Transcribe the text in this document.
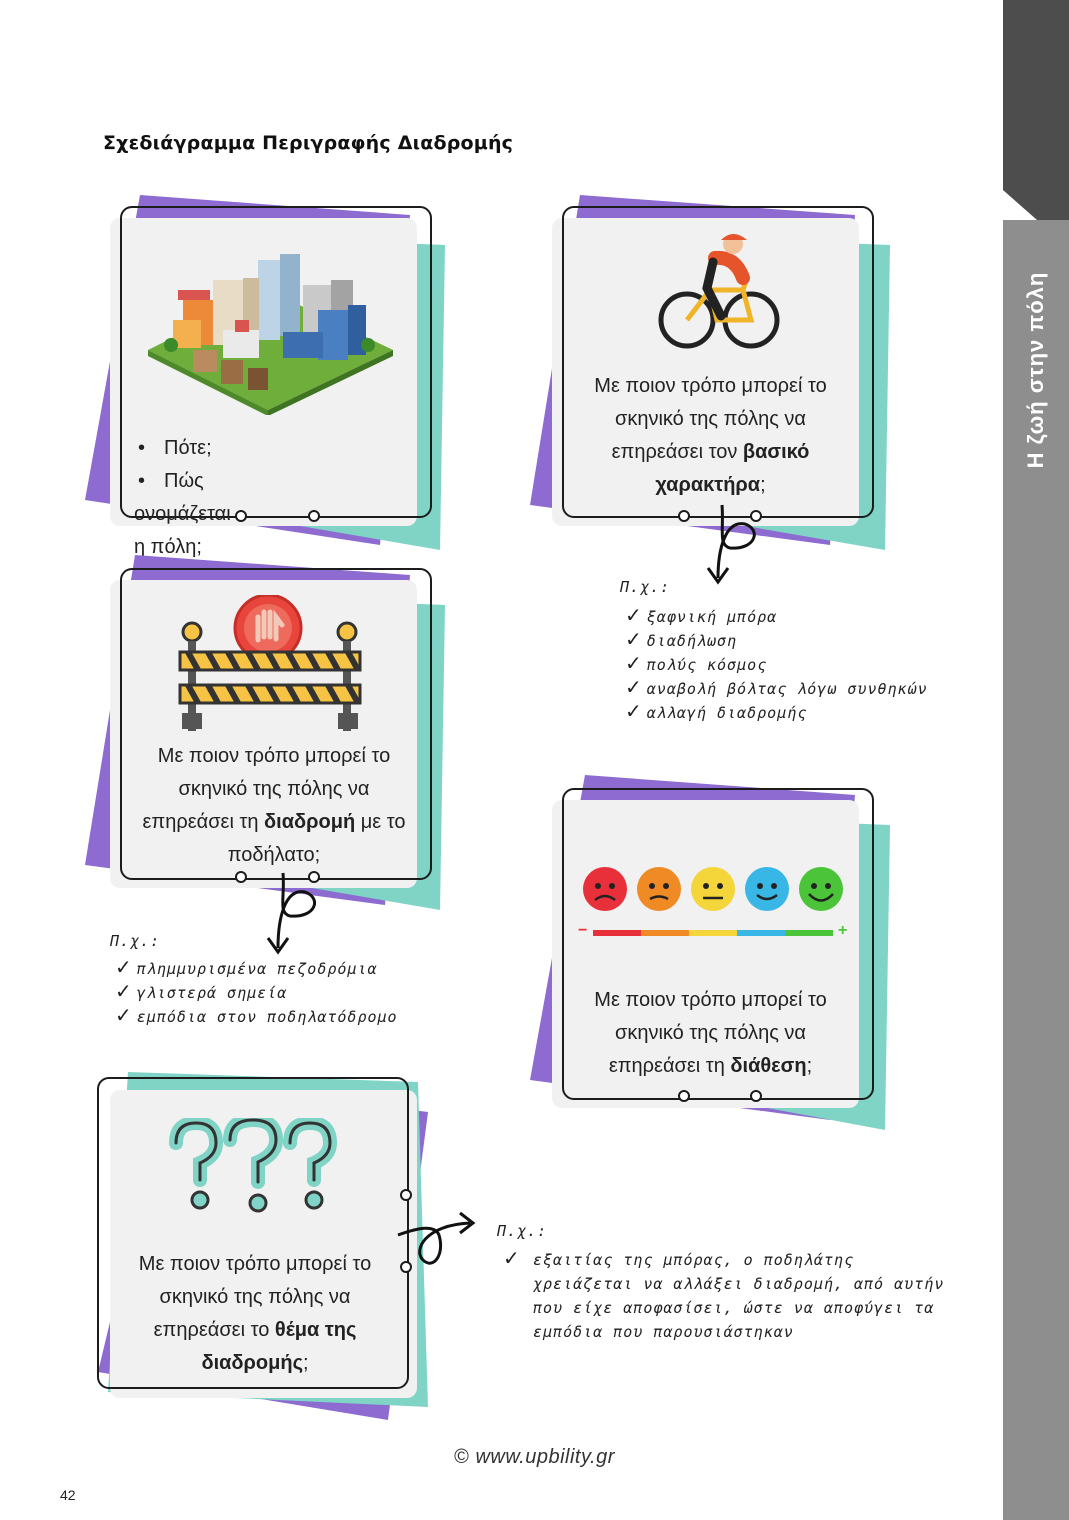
Η ζωή στην πόλη
Σχεδιάγραμμα Περιγραφής Διαδρομής
• Πότε;
• Πώς ονομάζεται η πόλη;
Με ποιον τρόπο μπορεί το σκηνικό της πόλης να επηρεάσει τον βασικό χαρακτήρα;
Π.χ.:
✓ ξαφνική μπόρα
✓ διαδήλωση
✓ πολύς κόσμος
✓ αναβολή βόλτας λόγω συνθηκών
✓ αλλαγή διαδρομής
Με ποιον τρόπο μπορεί το σκηνικό της πόλης να επηρεάσει τη διαδρομή με το ποδήλατο;
Π.χ.:
✓ πλημμυρισμένα πεζοδρόμια
✓ γλιστερά σημεία
✓ εμπόδια στον ποδηλατόδρομο
−	+
Με ποιον τρόπο μπορεί το σκηνικό της πόλης να επηρεάσει τη διάθεση;
Με ποιον τρόπο μπορεί το σκηνικό της πόλης να επηρεάσει το θέμα της διαδρομής;
Π.χ.:
✓ εξαιτίας της μπόρας, ο ποδηλάτης χρειάζεται να αλλάξει διαδρομή, από αυτήν που είχε αποφασίσει, ώστε να αποφύγει τα εμπόδια που παρουσιάστηκαν
© www.upbility.gr
42
